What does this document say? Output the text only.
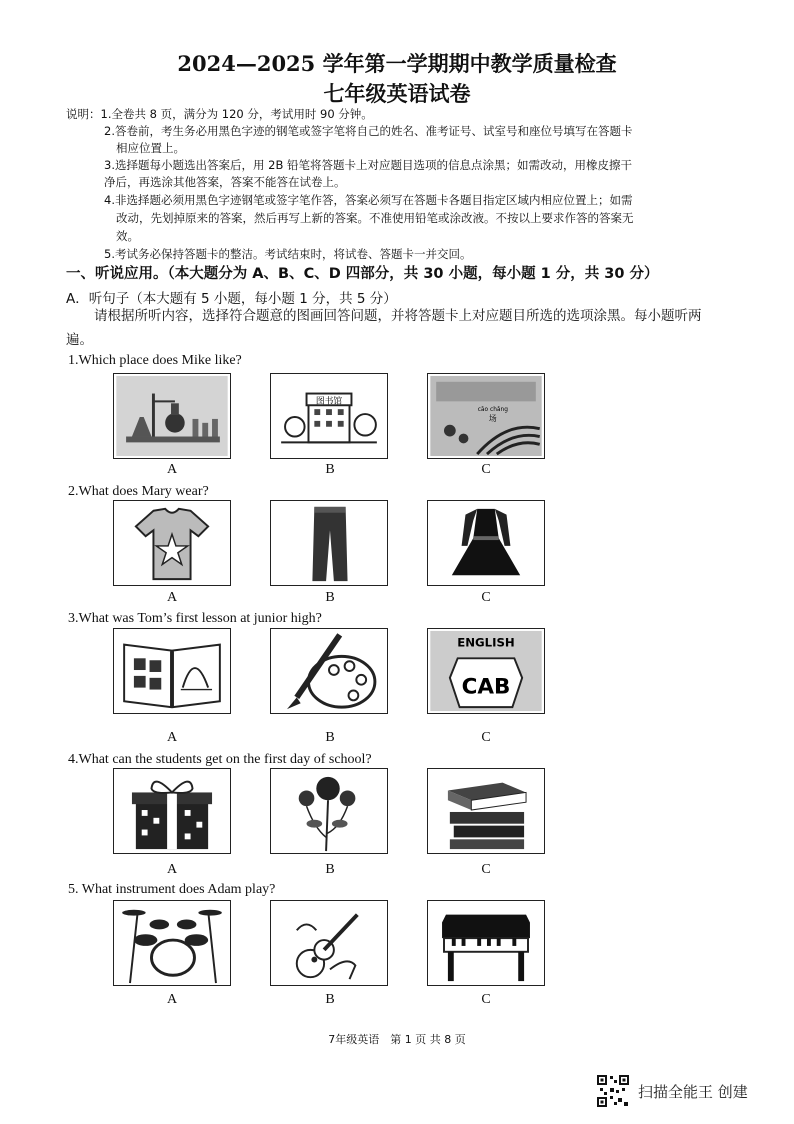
2024—2025 学年第一学期期中教学质量检查
七年级英语试卷
说明：1.全卷共 8 页，满分为 120 分，考试用时 90 分钟。
2.答卷前，考生务必用黑色字迹的钢笔或签字笔将自己的姓名、准考证号、试室号和座位号填写在答题卡
相应位置上。
3.选择题每小题选出答案后，用 2B 铅笔将答题卡上对应题目选项的信息点涂黑；如需改动，用橡皮擦干
净后，再选涂其他答案，答案不能答在试卷上。
4.非选择题必须用黑色字迹钢笔或签字笔作答，答案必须写在答题卡各题目指定区域内相应位置上；如需
改动，先划掉原来的答案，然后再写上新的答案。不准使用铅笔或涂改液。不按以上要求作答的答案无
效。
5.考试务必保持答题卡的整洁。考试结束时，将试卷、答题卡一并交回。
一、听说应用。（本大题分为 A、B、C、D 四部分，共 30 小题，每小题 1 分，共 30 分）
A．听句子（本大题有 5 小题，每小题 1 分，共 5 分）
请根据所听内容，选择符合题意的图画回答问题，并将答题卡上对应题目所选的选项涂黑。每小题听两遍。
1.Which place does Mike like?
A
图书馆
B
cāo chǎng
场
C
2.What does Mary wear?
A	B	C
3.What was Tom’s first lesson at junior high?
A	B
ENGLISH
CAB
C
4.What can the students get on the first day of school?
A	B	C
5. What instrument does Adam play?
A	B	C
7年级英语　第 1 页 共 8 页
扫描全能王 创建
